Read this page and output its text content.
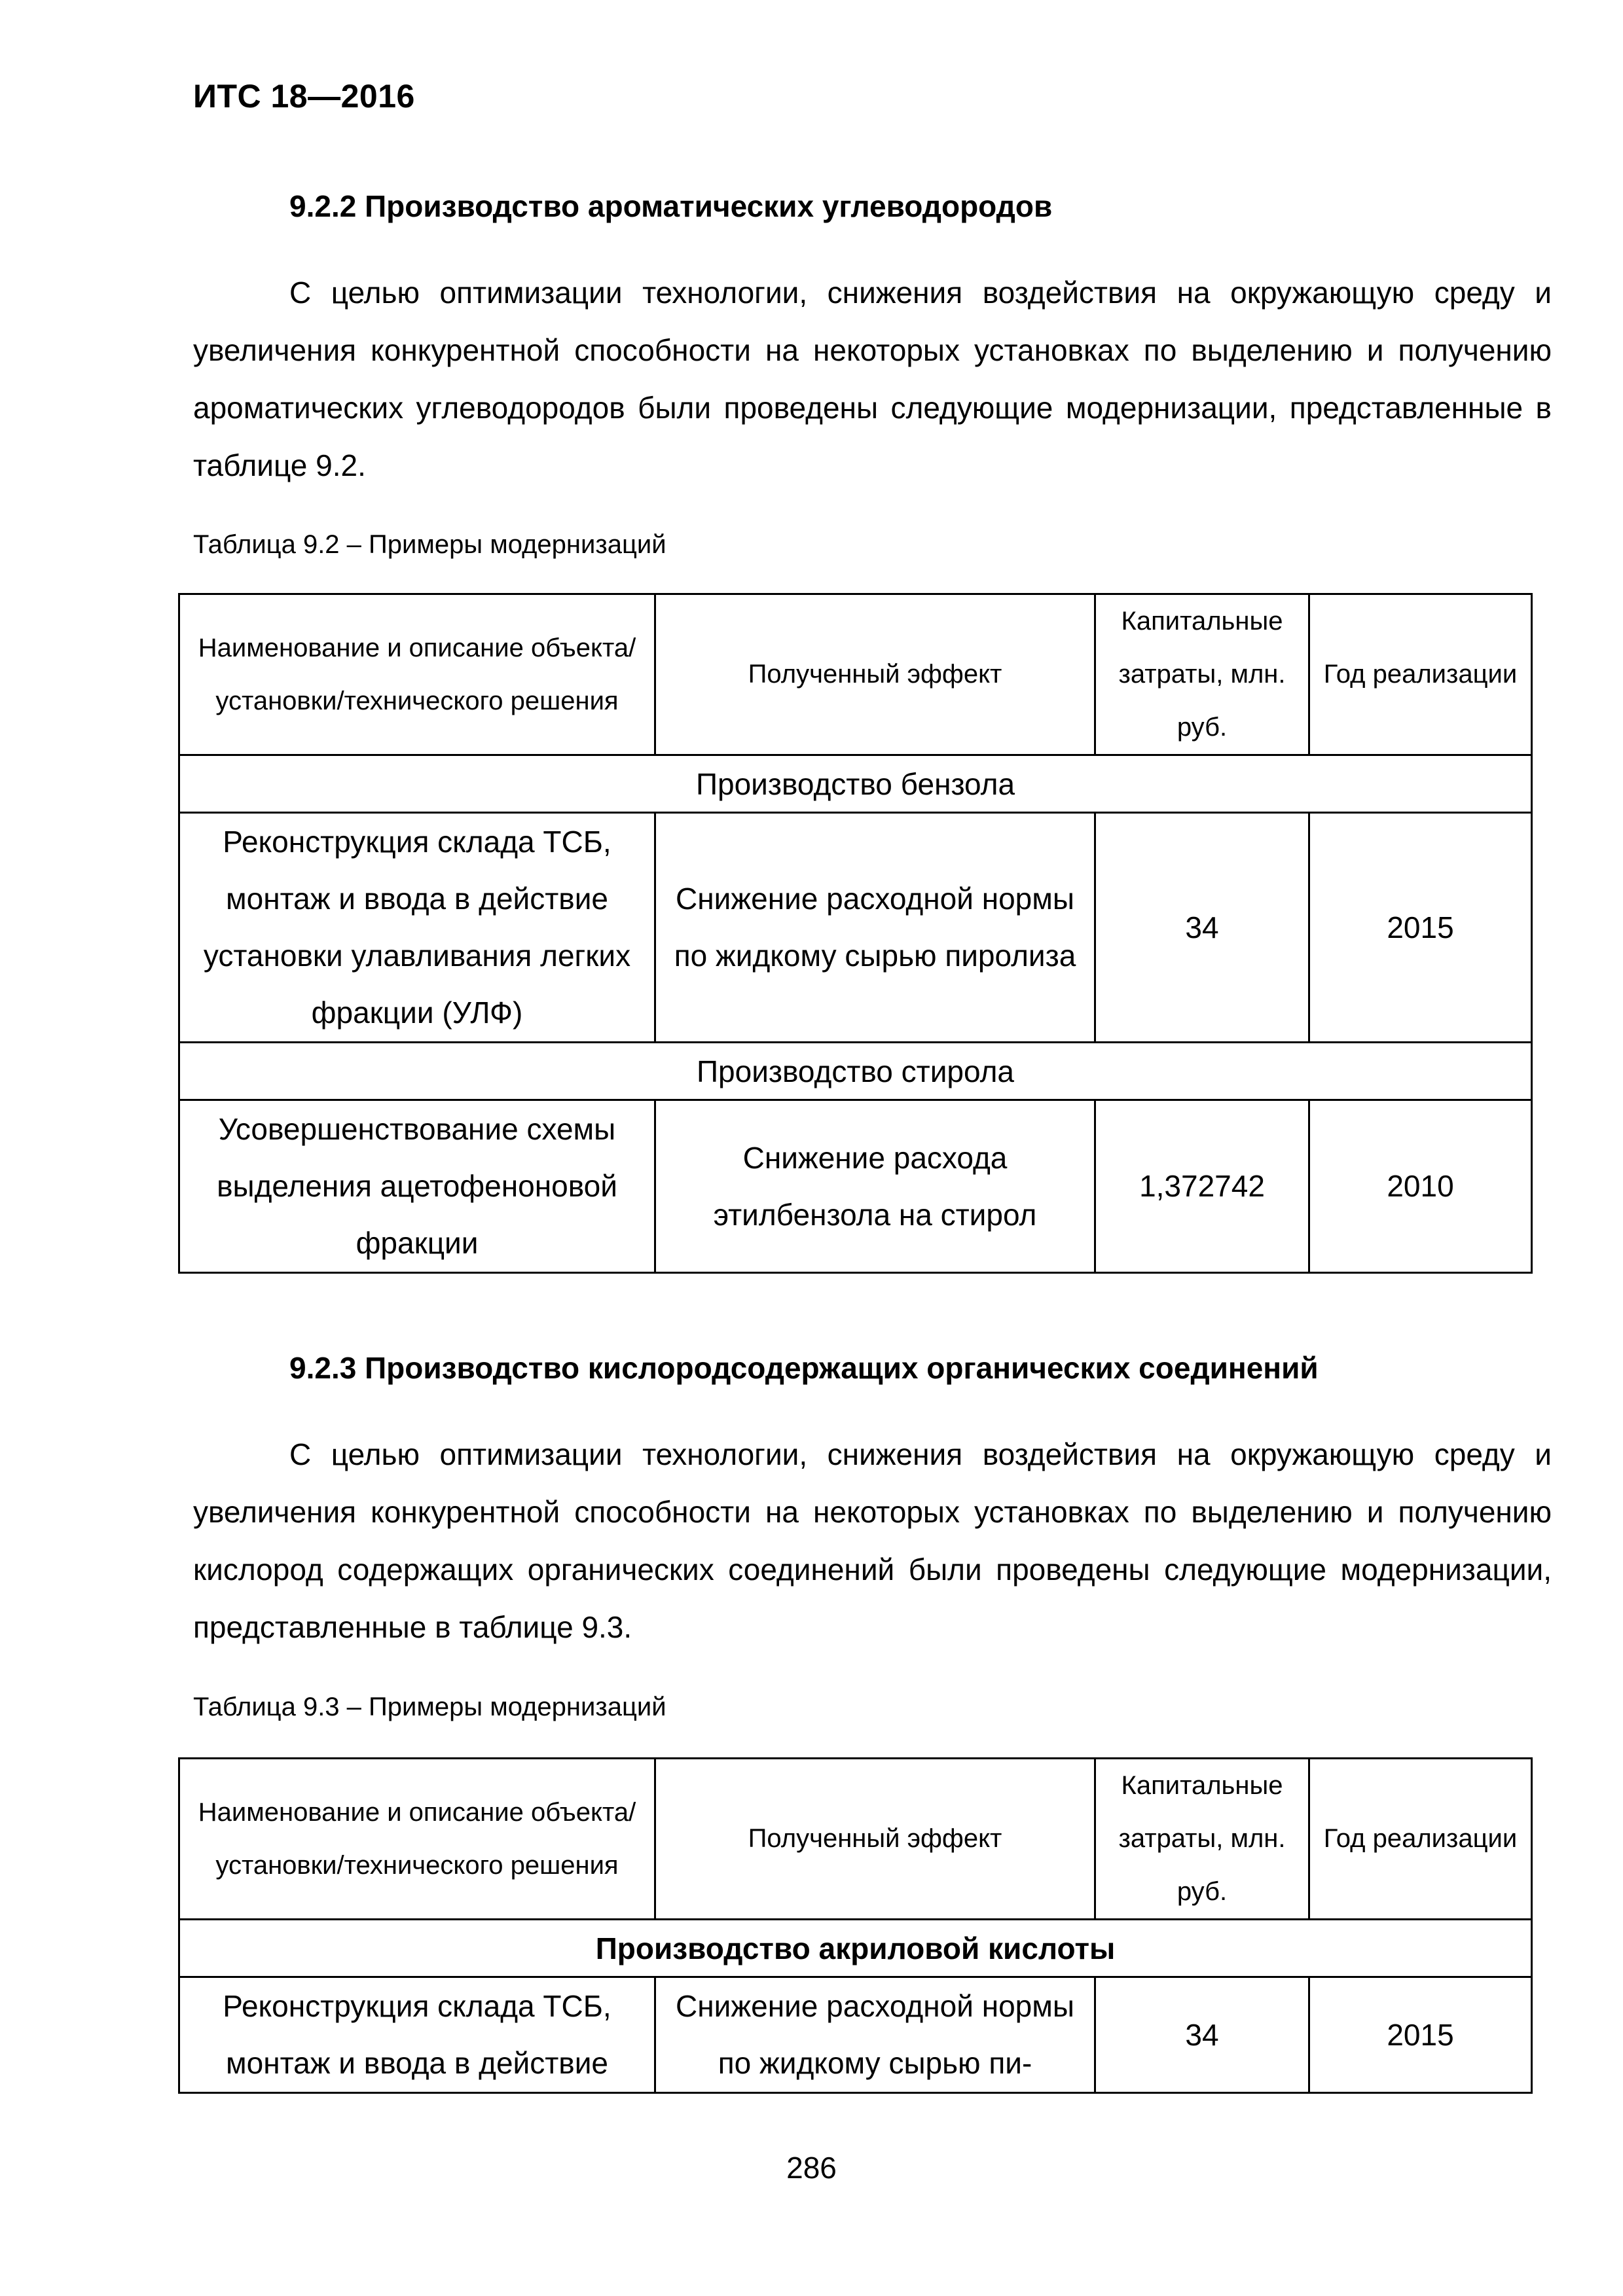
ИТС 18—2016
9.2.2 Производство ароматических углеводородов

С целью оптимизации технологии, снижения воздействия на окружающую среду и увеличения конкурентной способности на некоторых установках по выделению и получению ароматических углеводородов были проведены следующие модернизации, представленные в таблице 9.2.

Таблица 9.2 – Примеры модернизаций
Наименование и описание объекта/установки/технического решения	Полученный эффект	Капитальные затраты, млн. руб.	Год реализации
Производство бензола			
Реконструкция склада ТСБ, монтаж и ввода в действие установки улавливания легких фракции (УЛФ)	Снижение расходной нормы по жидкому сырью пиролиза	34	2015
Производство стирола			
Усовершенствование схемы выделения ацетофеноновой фракции	Снижение расхода этилбензола на стирол	1,372742	2010
9.2.3 Производство кислородсодержащих органических соединений

С целью оптимизации технологии, снижения воздействия на окружающую среду и увеличения конкурентной способности на некоторых установках по выделению и получению кислород содержащих органических соединений были проведены следующие модернизации, представленные в таблице 9.3.

Таблица 9.3 – Примеры модернизаций
Наименование и описание объекта/установки/технического решения	Полученный эффект	Капитальные затраты, млн. руб.	Год реализации
Производство акриловой кислоты			
Реконструкция склада ТСБ, монтаж и ввода в действие	Снижение расходной нормы по жидкому сырью пи-	34	2015
286
